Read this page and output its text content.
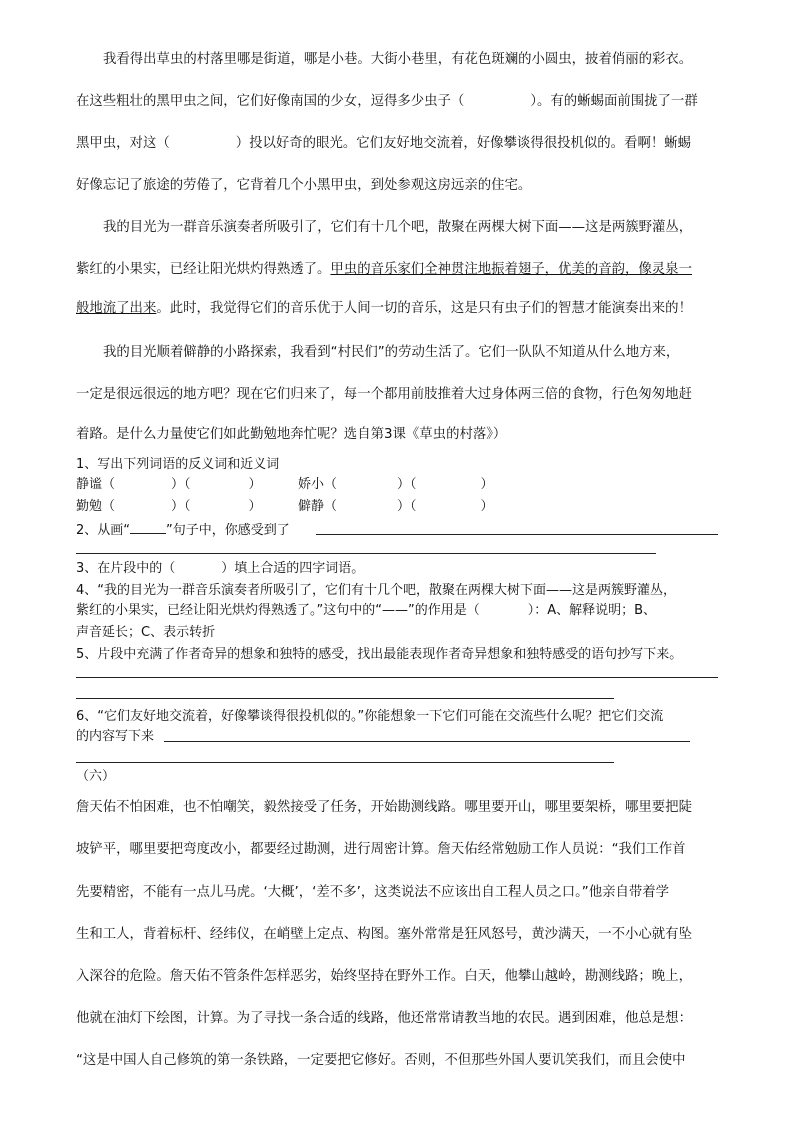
我看得出草虫的村落里哪是街道，哪是小巷。大街小巷里，有花色斑斓的小圆虫，披着俏丽的彩衣。
在这些粗壮的黑甲虫之间，它们好像南国的少女，逗得多少虫子（	）。有的蜥蜴面前围拢了一群
黑甲虫，对这（	）投以好奇的眼光。它们友好地交流着，好像攀谈得很投机似的。看啊！蜥蜴
好像忘记了旅途的劳倦了，它背着几个小黑甲虫，到处参观这房远亲的住宅。
我的目光为一群音乐演奏者所吸引了，它们有十几个吧，散聚在两棵大树下面——这是两簇野灌丛，
紫红的小果实，已经让阳光烘灼得熟透了。甲虫的音乐家们全神贯注地振着翅子，优美的音韵，像灵泉一
般地流了出来。此时，我觉得它们的音乐优于人间一切的音乐，这是只有虫子们的智慧才能演奏出来的！
我的目光顺着僻静的小路探索，我看到“村民们”的劳动生活了。它们一队队不知道从什么地方来，
一定是很远很远的地方吧？现在它们归来了，每一个都用前肢推着大过身体两三倍的食物，行色匆匆地赶
着路。是什么力量使它们如此勤勉地奔忙呢？选自第3课《草虫的村落》）
1、写出下列词语的反义词和近义词
静谧（	）（	）	娇小（	）（	）
勤勉（	）（	）	僻静（	）（	）
2、从画“	”句子中，你感受到了
3、在片段中的（	）填上合适的四字词语。
4、“我的目光为一群音乐演奏者所吸引了，它们有十几个吧，散聚在两棵大树下面——这是两簇野灌丛，
紫红的小果实，已经让阳光烘灼得熟透了。”这句中的“——”的作用是（	）：A、解释说明；B、
声音延长；C、表示转折
5、片段中充满了作者奇异的想象和独特的感受，找出最能表现作者奇异想象和独特感受的语句抄写下来。
6、“它们友好地交流着，好像攀谈得很投机似的。”你能想象一下它们可能在交流些什么呢？把它们交流
的内容写下来
（六）
詹天佑不怕困难，也不怕嘲笑，毅然接受了任务，开始勘测线路。哪里要开山，哪里要架桥，哪里要把陡
坡铲平，哪里要把弯度改小，都要经过勘测，进行周密计算。詹天佑经常勉励工作人员说：“我们工作首
先要精密，不能有一点儿马虎。‘大概’，‘差不多’，这类说法不应该出自工程人员之口。”他亲自带着学
生和工人，背着标杆、经纬仪，在峭壁上定点、构图。塞外常常是狂风怒号，黄沙满天，一不小心就有坠
入深谷的危险。詹天佑不管条件怎样恶劣，始终坚持在野外工作。白天，他攀山越岭，勘测线路；晚上，
他就在油灯下绘图，计算。为了寻找一条合适的线路，他还常常请教当地的农民。遇到困难，他总是想：
“这是中国人自己修筑的第一条铁路，一定要把它修好。否则，不但那些外国人要讥笑我们，而且会使中
